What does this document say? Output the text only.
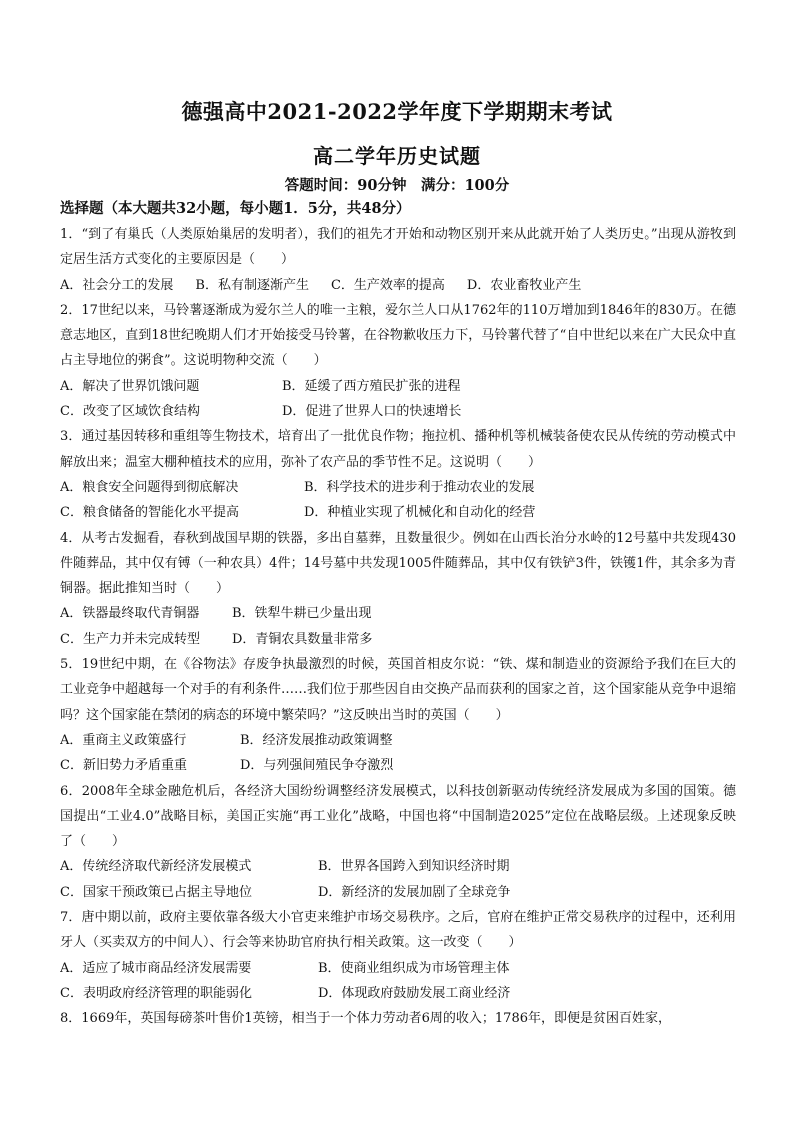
德强高中2021-2022学年度下学期期末考试
高二学年历史试题
答题时间：90分钟　满分：100分
选择题（本大题共32小题，每小题1．5分，共48分）

1．“到了有巢氏（人类原始巢居的发明者），我们的祖先才开始和动物区别开来从此就开始了人类历史。”出现从游牧到定居生活方式变化的主要原因是（　　）

A．社会分工的发展 B．私有制逐渐产生 C．生产效率的提高 D．农业畜牧业产生

2．17世纪以来，马铃薯逐渐成为爱尔兰人的唯一主粮，爱尔兰人口从1762年的110万增加到1846年的830万。在德意志地区，直到18世纪晚期人们才开始接受马铃薯，在谷物歉收压力下，马铃薯代替了“自中世纪以来在广大民众中直占主导地位的粥食”。这说明物种交流（　　）

A．解决了世界饥饿问题	B．延缓了西方殖民扩张的进程
C．改变了区域饮食结构	D．促进了世界人口的快速增长

3．通过基因转移和重组等生物技术，培育出了一批优良作物；拖拉机、播种机等机械装备使农民从传统的劳动模式中解放出来；温室大棚种植技术的应用，弥补了农产品的季节性不足。这说明（　　）

A．粮食安全问题得到彻底解决	B．科学技术的进步利于推动农业的发展
C．粮食储备的智能化水平提高	D．种植业实现了机械化和自动化的经营

4．从考古发掘看，春秋到战国早期的铁器，多出自墓葬，且数量很少。例如在山西长治分水岭的12号墓中共发现430件随葬品，其中仅有镈（一种农具）4件；14号墓中共发现1005件随葬品，其中仅有铁铲3件，铁镬1件，其余多为青铜器。据此推知当时（　　）

A．铁器最终取代青铜器	B．铁犁牛耕已少量出现
C．生产力并未完成转型	D．青铜农具数量非常多

5．19世纪中期，在《谷物法》存废争执最激烈的时候，英国首相皮尔说：“铁、煤和制造业的资源给予我们在巨大的工业竞争中超越每一个对手的有利条件……我们位于那些因自由交换产品而获利的国家之首，这个国家能从竞争中退缩吗？这个国家能在禁闭的病态的环境中繁荣吗？”这反映出当时的英国（　　）

A．重商主义政策盛行	B．经济发展推动政策调整
C．新旧势力矛盾重重	D．与列强间殖民争夺激烈

6．2008年全球金融危机后，各经济大国纷纷调整经济发展模式，以科技创新驱动传统经济发展成为多国的国策。德国提出“工业4.0”战略目标，美国正实施“再工业化”战略，中国也将“中国制造2025”定位在战略层级。上述现象反映了（　　）

A．传统经济取代新经济发展模式	B．世界各国跨入到知识经济时期
C．国家干预政策已占据主导地位	D．新经济的发展加剧了全球竞争

7．唐中期以前，政府主要依靠各级大小官吏来维护市场交易秩序。之后，官府在维护正常交易秩序的过程中，还利用牙人（买卖双方的中间人）、行会等来协助官府执行相关政策。这一改变（　　）

A．适应了城市商品经济发展需要	B．使商业组织成为市场管理主体
C．表明政府经济管理的职能弱化	D．体现政府鼓励发展工商业经济

8．1669年，英国每磅茶叶售价1英镑，相当于一个体力劳动者6周的收入；1786年，即便是贫困百姓家，
